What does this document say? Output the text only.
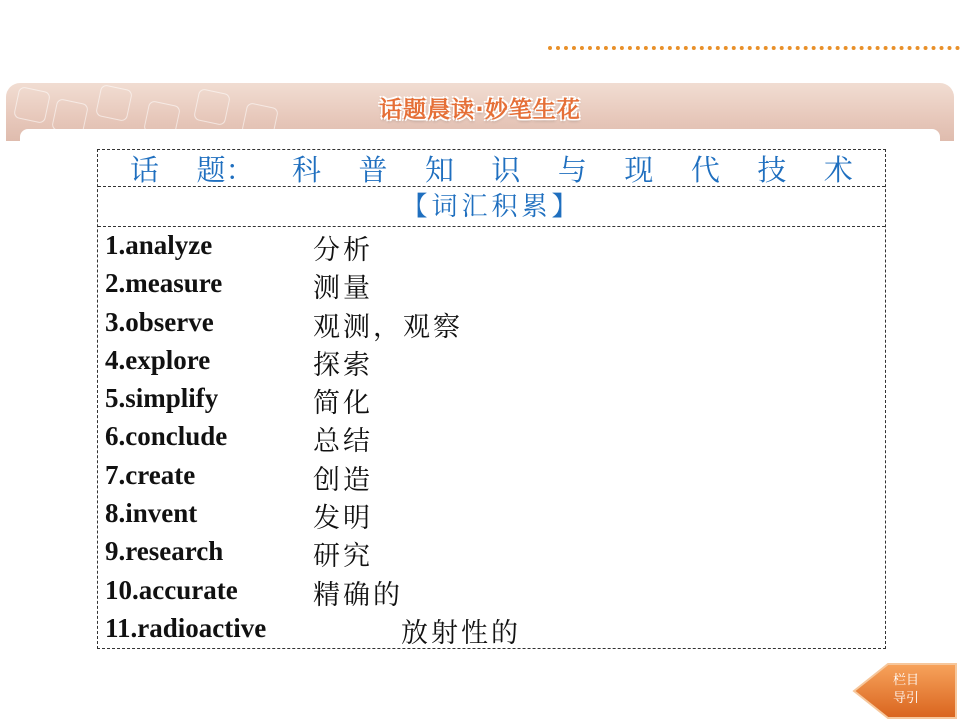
话题晨读·妙笔生花
话 题： 科 普 知 识 与 现 代 技 术
【词汇积累】
1.analyze	分析
2.measure	测量
3.observe	观测，观察
4.explore	探索
5.simplify	简化
6.conclude	总结
7.create	创造
8.invent	发明
9.research	研究
10.accurate	精确的
11.radioactive	放射性的
栏目
导引
